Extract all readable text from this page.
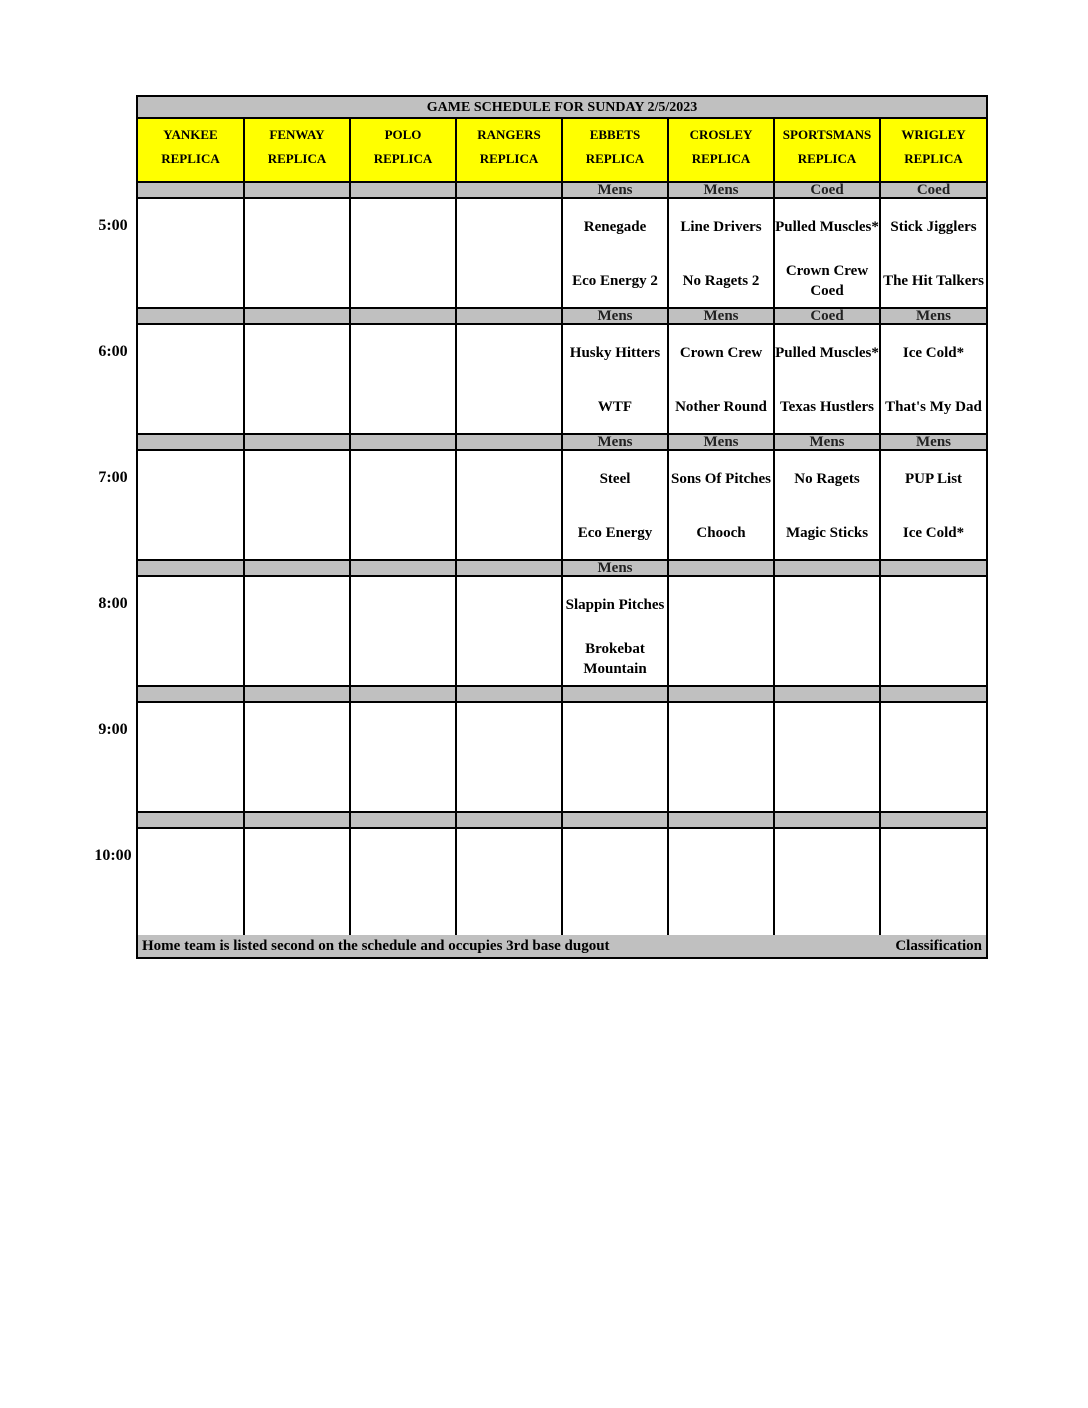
GAME SCHEDULE FOR SUNDAY 2/5/2023
YANKEE
REPLICA
FENWAY
REPLICA
POLO
REPLICA
RANGERS
REPLICA
EBBETS
REPLICA
CROSLEY
REPLICA
SPORTSMANS
REPLICA
WRIGLEY
REPLICA
Mens
Renegade
Eco Energy 2
Mens
Line Drivers
No Ragets 2
Coed
Pulled Muscles*
Crown Crew Coed
Coed
Stick Jigglers
The Hit Talkers
Mens
Husky Hitters
WTF
Mens
Crown Crew
Nother Round
Coed
Pulled Muscles*
Texas Hustlers
Mens
Ice Cold*
That's My Dad
Mens
Steel
Eco Energy
Mens
Sons Of Pitches
Chooch
Mens
No Ragets
Magic Sticks
Mens
PUP List
Ice Cold*
Mens
Slappin Pitches
Brokebat Mountain
Home team is listed second on the schedule and occupies 3rd base dugout	Classification
5:00
6:00
7:00
8:00
9:00
10:00
